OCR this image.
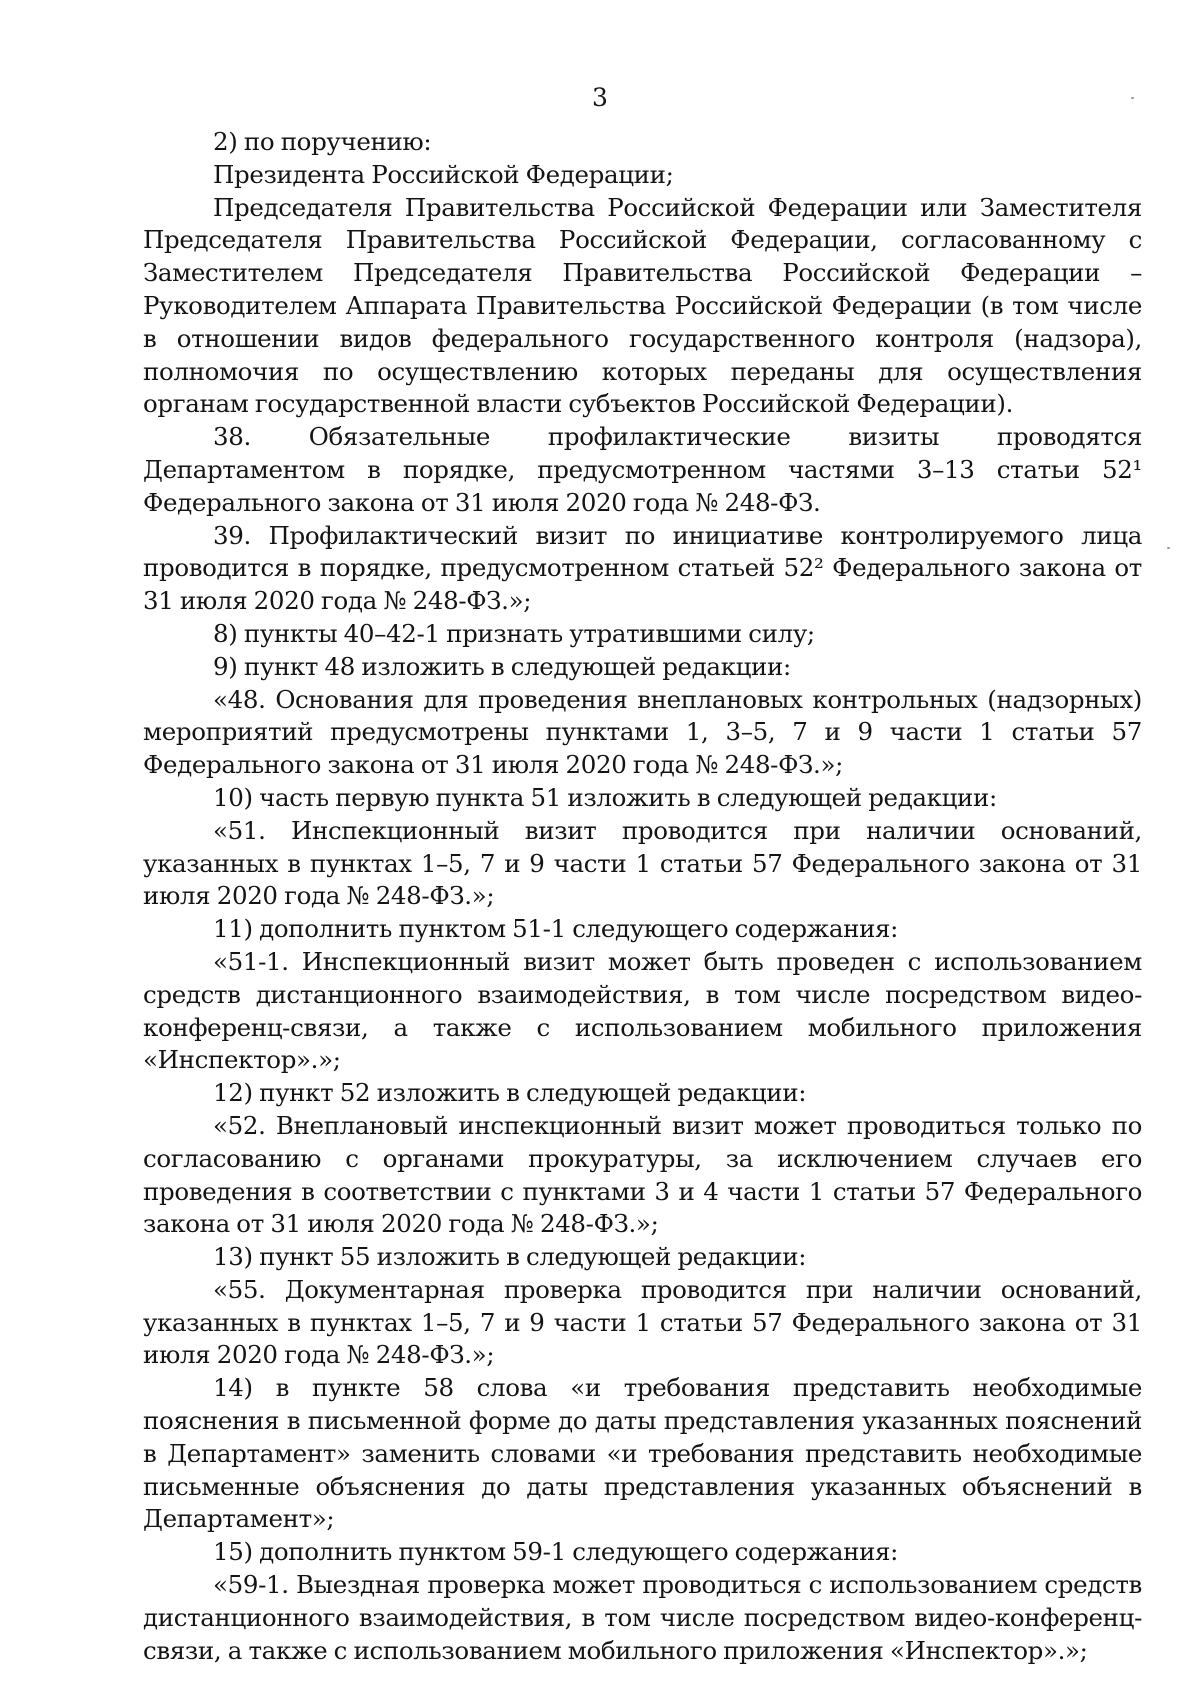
3

2) по поручению:

Президента Российской Федерации;

Председателя Правительства Российской Федерации или Заместителя Председателя Правительства Российской Федерации, согласованному с Заместителем Председателя Правительства Российской Федерации – Руководителем Аппарата Правительства Российской Федерации (в том числе в отношении видов федерального государственного контроля (надзора), полномочия по осуществлению которых переданы для осуществления органам государственной власти субъектов Российской Федерации).

38. Обязательные профилактические визиты проводятся Департаментом в порядке, предусмотренном частями 3–13 статьи 52¹ Федерального закона от 31 июля 2020 года № 248-ФЗ.

39. Профилактический визит по инициативе контролируемого лица проводится в порядке, предусмотренном статьей 52² Федерального закона от 31 июля 2020 года № 248-ФЗ.»;

8) пункты 40–42-1 признать утратившими силу;

9) пункт 48 изложить в следующей редакции:

«48. Основания для проведения внеплановых контрольных (надзорных) мероприятий предусмотрены пунктами 1, 3–5, 7 и 9 части 1 статьи 57 Федерального закона от 31 июля 2020 года № 248-ФЗ.»;

10) часть первую пункта 51 изложить в следующей редакции:

«51. Инспекционный визит проводится при наличии оснований, указанных в пунктах 1–5, 7 и 9 части 1 статьи 57 Федерального закона от 31 июля 2020 года № 248-ФЗ.»;

11) дополнить пунктом 51-1 следующего содержания:

«51-1. Инспекционный визит может быть проведен с использованием средств дистанционного взаимодействия, в том числе посредством видео-конференц-связи, а также с использованием мобильного приложения «Инспектор».»;

12) пункт 52 изложить в следующей редакции:

«52. Внеплановый инспекционный визит может проводиться только по согласованию с органами прокуратуры, за исключением случаев его проведения в соответствии с пунктами 3 и 4 части 1 статьи 57 Федерального закона от 31 июля 2020 года № 248-ФЗ.»;

13) пункт 55 изложить в следующей редакции:

«55. Документарная проверка проводится при наличии оснований, указанных в пунктах 1–5, 7 и 9 части 1 статьи 57 Федерального закона от 31 июля 2020 года № 248-ФЗ.»;

14) в пункте 58 слова «и требования представить необходимые пояснения в письменной форме до даты представления указанных пояснений в Департамент» заменить словами «и требования представить необходимые письменные объяснения до даты представления указанных объяснений в Департамент»;

15) дополнить пунктом 59-1 следующего содержания:

«59-1. Выездная проверка может проводиться с использованием средств дистанционного взаимодействия, в том числе посредством видео-конференц-связи, а также с использованием мобильного приложения «Инспектор».»;
